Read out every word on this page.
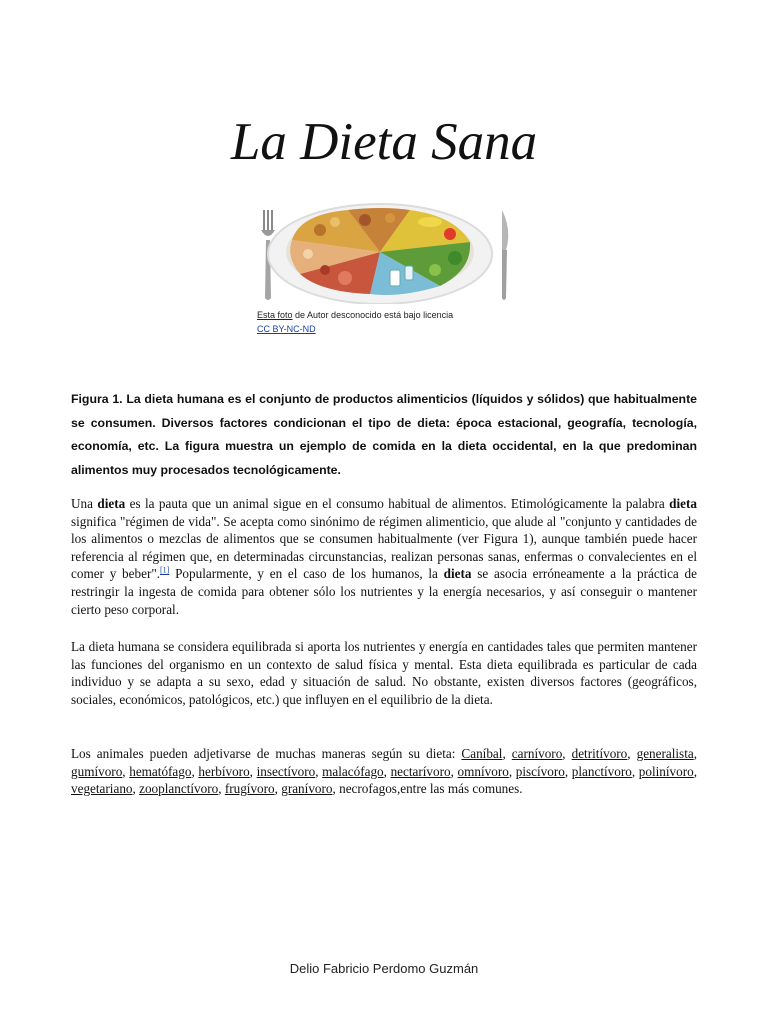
La Dieta Sana
Esta foto de Autor desconocido está bajo licencia
CC BY-NC-ND

Figura 1. La dieta humana es el conjunto de productos alimenticios (líquidos y sólidos) que habitualmente se consumen. Diversos factores condicionan el tipo de dieta: época estacional, geografía, tecnología, economía, etc. La figura muestra un ejemplo de comida en la dieta occidental, en la que predominan alimentos muy procesados tecnológicamente.

Una dieta es la pauta que un animal sigue en el consumo habitual de alimentos. Etimológicamente la palabra dieta significa "régimen de vida". Se acepta como sinónimo de régimen alimenticio, que alude al "conjunto y cantidades de los alimentos o mezclas de alimentos que se consumen habitualmente (ver Figura 1), aunque también puede hacer referencia al régimen que, en determinadas circunstancias, realizan personas sanas, enfermas o convalecientes en el comer y beber".[1] Popularmente, y en el caso de los humanos, la dieta se asocia erróneamente a la práctica de restringir la ingesta de comida para obtener sólo los nutrientes y la energía necesarios, y así conseguir o mantener cierto peso corporal.

La dieta humana se considera equilibrada si aporta los nutrientes y energía en cantidades tales que permiten mantener las funciones del organismo en un contexto de salud física y mental. Esta dieta equilibrada es particular de cada individuo y se adapta a su sexo, edad y situación de salud. No obstante, existen diversos factores (geográficos, sociales, económicos, patológicos, etc.) que influyen en el equilibrio de la dieta.

Los animales pueden adjetivarse de muchas maneras según su dieta: Caníbal, carnívoro, detritívoro, generalista, gumívoro, hematófago, herbívoro, insectívoro, malacófago, nectarívoro, omnívoro, piscívoro, planctívoro, polinívoro, vegetariano, zooplanctívoro, frugívoro, granívoro, necrofagos,entre las más comunes.

Delio Fabricio Perdomo Guzmán
